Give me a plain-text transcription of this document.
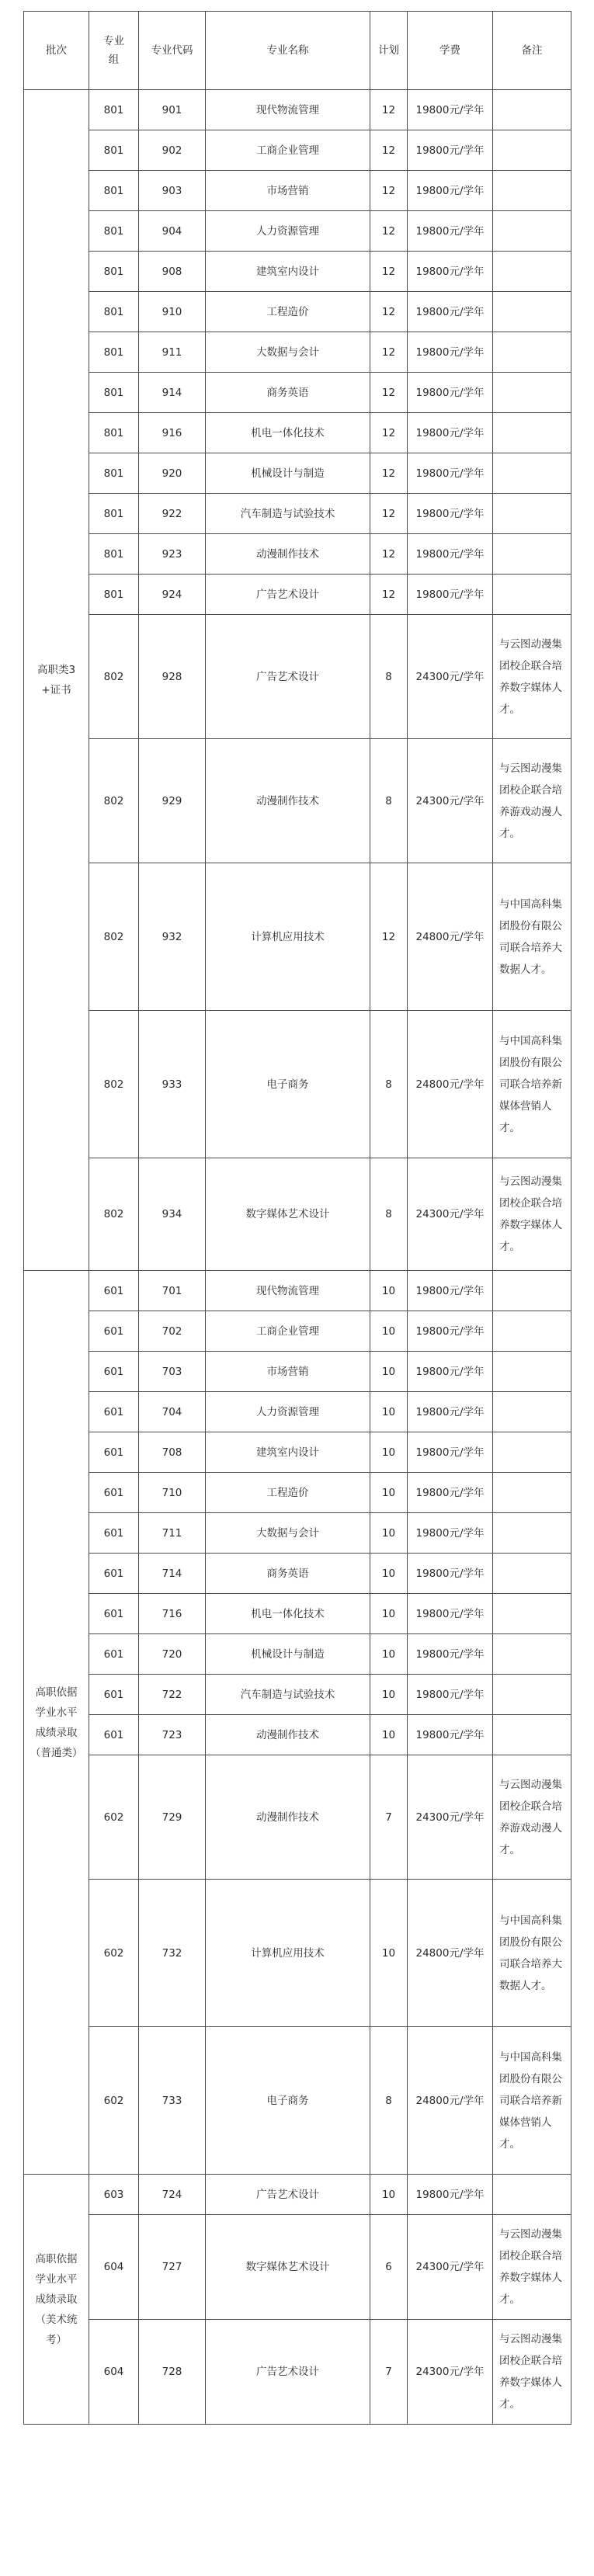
批次	专业组	专业代码	专业名称	计划	学费	备注
高职类3+证书	801	901	现代物流管理	12	19800元/学年	
	801	902	工商企业管理	12	19800元/学年	
	801	903	市场营销	12	19800元/学年	
	801	904	人力资源管理	12	19800元/学年	
	801	908	建筑室内设计	12	19800元/学年	
	801	910	工程造价	12	19800元/学年	
	801	911	大数据与会计	12	19800元/学年	
	801	914	商务英语	12	19800元/学年	
	801	916	机电一体化技术	12	19800元/学年	
	801	920	机械设计与制造	12	19800元/学年	
	801	922	汽车制造与试验技术	12	19800元/学年	
	801	923	动漫制作技术	12	19800元/学年	
	801	924	广告艺术设计	12	19800元/学年	
	802	928	广告艺术设计	8	24300元/学年	与云图动漫集团校企联合培养数字媒体人才。
	802	929	动漫制作技术	8	24300元/学年	与云图动漫集团校企联合培养游戏动漫人才。
	802	932	计算机应用技术	12	24800元/学年	与中国高科集团股份有限公司联合培养大数据人才。
	802	933	电子商务	8	24800元/学年	与中国高科集团股份有限公司联合培养新媒体营销人才。
	802	934	数字媒体艺术设计	8	24300元/学年	与云图动漫集团校企联合培养数字媒体人才。
高职依据学业水平成绩录取（普通类）	601	701	现代物流管理	10	19800元/学年	
	601	702	工商企业管理	10	19800元/学年	
	601	703	市场营销	10	19800元/学年	
	601	704	人力资源管理	10	19800元/学年	
	601	708	建筑室内设计	10	19800元/学年	
	601	710	工程造价	10	19800元/学年	
	601	711	大数据与会计	10	19800元/学年	
	601	714	商务英语	10	19800元/学年	
	601	716	机电一体化技术	10	19800元/学年	
	601	720	机械设计与制造	10	19800元/学年	
	601	722	汽车制造与试验技术	10	19800元/学年	
	601	723	动漫制作技术	10	19800元/学年	
	602	729	动漫制作技术	7	24300元/学年	与云图动漫集团校企联合培养游戏动漫人才。
	602	732	计算机应用技术	10	24800元/学年	与中国高科集团股份有限公司联合培养大数据人才。
	602	733	电子商务	8	24800元/学年	与中国高科集团股份有限公司联合培养新媒体营销人才。
高职依据学业水平成绩录取（美术统考）	603	724	广告艺术设计	10	19800元/学年	
	604	727	数字媒体艺术设计	6	24300元/学年	与云图动漫集团校企联合培养数字媒体人才。
	604	728	广告艺术设计	7	24300元/学年	与云图动漫集团校企联合培养数字媒体人才。
